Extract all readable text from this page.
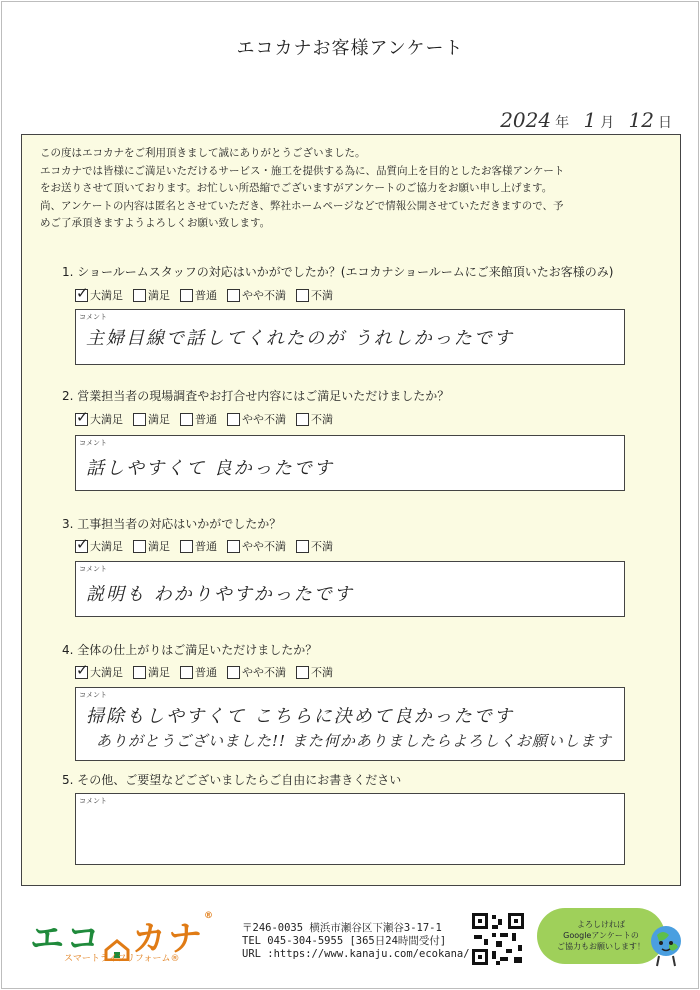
エコカナお客様アンケート
2024 年 1 月 12 日

この度はエコカナをご利用頂きまして誠にありがとうございました。

エコカナでは皆様にご満足いただけるサービス・施工を提供する為に、品質向上を目的としたお客様アンケート

をお送りさせて頂いております。お忙しい所恐縮でございますがアンケートのご協力をお願い申し上げます。

尚、アンケートの内容は匿名とさせていただき、弊社ホームページなどで情報公開させていただきますので、予

めご了承頂きますようよろしくお願い致します。

1. ショールームスタッフの対応はいかがでしたか？(エコカナショールームにご来館頂いたお客様のみ)
✓
大満足 満足 普通 やや不満 不満
コメント
主婦目線で話してくれたのが うれしかったです
2. 営業担当者の現場調査やお打合せ内容にはご満足いただけましたか？
✓
大満足 満足 普通 やや不満 不満
コメント
話しやすくて 良かったです
3. 工事担当者の対応はいかがでしたか？
✓
大満足 満足 普通 やや不満 不満
コメント
説明も わかりやすかったです
4. 全体の仕上がりはご満足いただけましたか？
✓
大満足 満足 普通 やや不満 不満
コメント
掃除もしやすくて こちらに決めて良かったです
ありがとうございました!! また何かありましたらよろしくお願いします
5. その他、ご要望などございましたらご自由にお書きください
コメント
エコ カナ®
スマートライフリフォーム®
〒246-0035 横浜市瀬谷区下瀬谷3-17-1
TEL 045-304-5955 [365日24時間受付]
URL :https://www.kanaju.com/ecokana/
よろしければ
Googleアンケートの
ご協力もお願いします！
